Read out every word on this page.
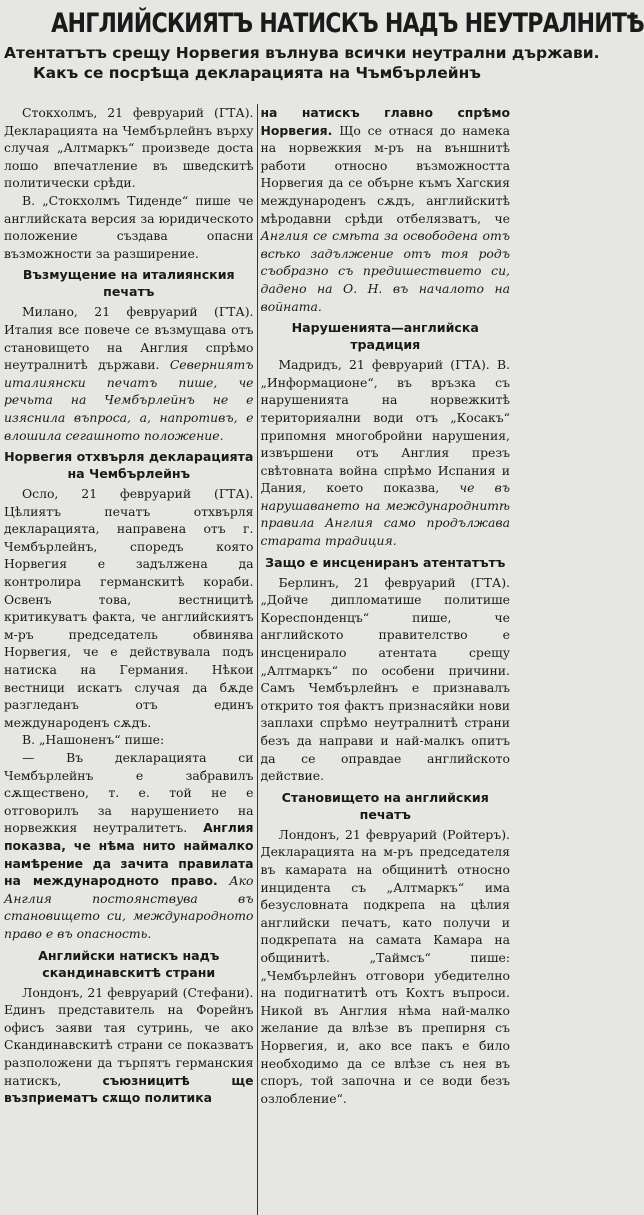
АНГЛИЙСКИЯТЪ НАТИСКЪ НАДЪ НЕУТРАЛНИТѢ
Атентатътъ срещу Норвегия вълнува всички неутрални държави.
Какъ се посрѣща декларацията на Чъмбърлейнъ

Стокхолмъ, 21 февруарий (ГТА). Декларацията на Чембърлейнъ върху случая „Алтмаркъ“ произведе доста лошо впечатление въ шведскитѣ политически срѣди.

В. „Стокхолмъ Тиденде“ пише че английската версия за юридическото положение създава опасни възможности за разширение.

Възмущение на италиянския печатъ

Милано, 21 февруарий (ГТА). Италия все повече се възмущава отъ становището на Англия спрѣмо неутралнитѣ държави. Северниятъ италиянски печатъ пише, че речьта на Чембърлейнъ не е изяснила въпроса, а, напротивъ, е влошила сегашното положение.

Норвегия отхвърля декларацията на Чембърлейнъ

Осло, 21 февруарий (ГТА). Цѣлиятъ печатъ отхвърля декларацията, направена отъ г. Чембърлейнъ, споредъ която Норвегия е задължена да контролира германскитѣ кораби. Освенъ това, вестницитѣ критикуватъ факта, че английскиятъ м-ръ председатель обвинява Норвегия, че е действувала подъ натиска на Германия. Нѣкои вестници искатъ случая да бѫде разгледанъ отъ единъ международенъ сѫдъ.

В. „Нашоненъ“ пише:

— Въ декларацията си Чембърлейнъ е забравилъ сѫществено, т. е. той не е отговорилъ за нарушението на норвежкия неутралитетъ. Англия показва, че нѣма нито наймалко намѣрение да зачита правилата на международното право. Ако Англия постоянствува въ становището си, международното право е въ опасность.

Английски натискъ надъ скандинавскитѣ страни

Лондонъ, 21 февруарий (Стефани). Единъ представитель на Форейнъ офисъ заяви тая сутринь, че ако Скандинавскитѣ страни се показватъ разположени да търпятъ германския натискъ,	съюзницитѣ ще възприематъ сѫщо политика

на натискъ главно спрѣмо Норвегия. Що се отнася до намека на норвежкия м-ръ на външнитѣ работи относно възможността Норвегия да се обърне къмъ Хагския международенъ сѫдъ, английскитѣ мѣродавни срѣди отбелязватъ, че Англия се смѣта за освободена отъ всѣко задължение отъ тоя родъ съобразно съ предишествието си, дадено на О. Н. въ началото на войната.

Нарушенията—английска традиция

Мадридъ, 21 февруарий (ГТА). В. „Информационе“, въ връзка съ нарушенията на норвежкитѣ територияални води отъ „Косакъ“ припомня многобройни нарушения, извършени отъ Англия презъ свѣтовната война спрѣмо Испания и Дания, което показва, че въ нарушаването на международнитѣ правила Англия само продължава старата традиция.

Защо е инсцениранъ атентатътъ

Берлинъ, 21 февруарий (ГТА). „Дойче дипломатише политише Кореспонденцъ“ пише, че английското правителство е инсценирало атентата срещу „Алтмаркъ“ по особени причини. Самъ Чембърлейнъ е признавалъ открито тоя фактъ признасяйки нови заплахи спрѣмо неутралнитѣ страни безъ да направи и най-малкъ опитъ да се оправдае английското действие.

Становището на английския печатъ

Лондонъ, 21 февруарий (Ройтеръ). Декларацията на м-ръ председателя въ камарата на общинитѣ относно инцидента съ „Алтмаркъ“ има безусловната подкрепа на цѣлия английски печатъ, като получи и подкрепата на самата Камара на общинитѣ. „Таймсъ“ пише: „Чембърлейнъ отговори убедително на подигнатитѣ отъ Кохтъ въпроси. Никой въ Англия нѣма най-малко желание да влѣзе въ препирня съ Норвегия, и, ако все пакъ е било необходимо да се влѣзе съ нея въ споръ, той започна и се води безъ озлобление“.
